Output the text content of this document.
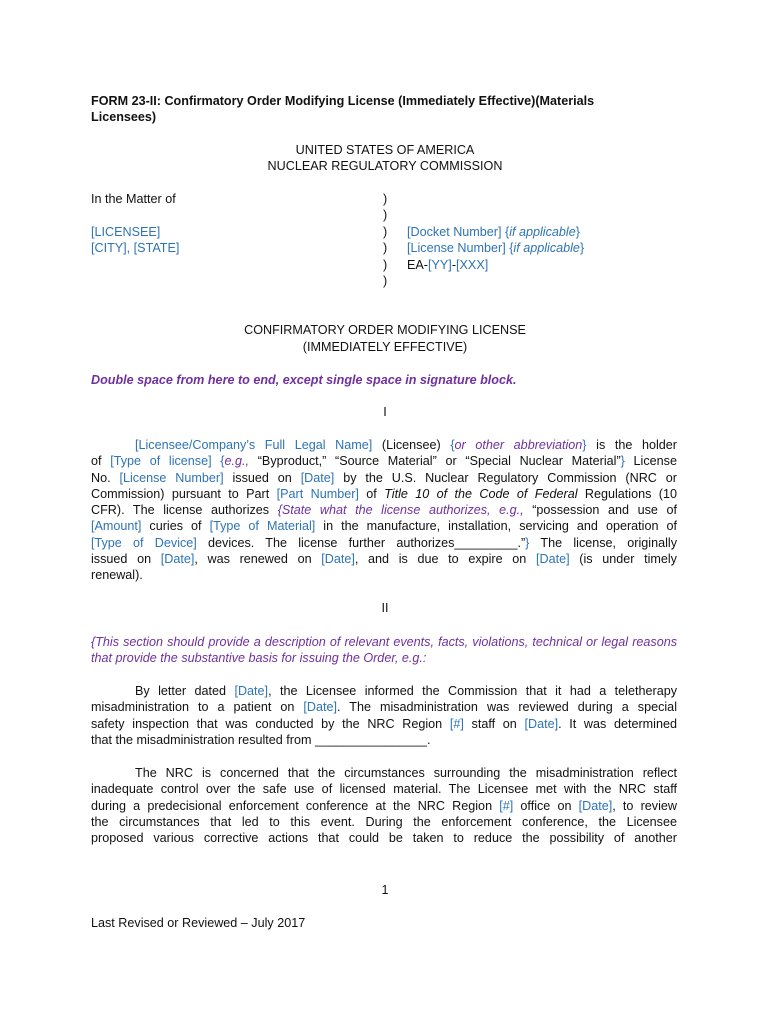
FORM 23-II: Confirmatory Order Modifying License (Immediately Effective)(Materials
Licensees)
UNITED STATES OF AMERICA
NUCLEAR REGULATORY COMMISSION
In the Matter of
[LICENSEE]
[CITY], [STATE]
)
)
)
)
)
)
[Docket Number] {if applicable}
[License Number] {if applicable}
EA-[YY]-[XXX]
CONFIRMATORY ORDER MODIFYING LICENSE
(IMMEDIATELY EFFECTIVE)
Double space from here to end, except single space in signature block.
I
[Licensee/Company’s Full Legal Name] (Licensee) {or other abbreviation} is the holder
of [Type of license] {e.g., “Byproduct,” “Source Material” or “Special Nuclear Material”} License
No. [License Number] issued on [Date] by the U.S. Nuclear Regulatory Commission (NRC or
Commission) pursuant to Part [Part Number] of Title 10 of the Code of Federal Regulations (10
CFR). The license authorizes {State what the license authorizes, e.g., “possession and use of
[Amount] curies of [Type of Material] in the manufacture, installation, servicing and operation of
[Type of Device] devices. The license further authorizes_________.”} The license, originally
issued on [Date], was renewed on [Date], and is due to expire on [Date] (is under timely
renewal).
II
{This section should provide a description of relevant events, facts, violations, technical or legal reasons that provide the substantive basis for issuing the Order, e.g.:
By letter dated [Date], the Licensee informed the Commission that it had a teletherapy
misadministration to a patient on [Date]. The misadministration was reviewed during a special
safety inspection that was conducted by the NRC Region [#] staff on [Date]. It was determined
that the misadministration resulted from ________________.
The NRC is concerned that the circumstances surrounding the misadministration reflect
inadequate control over the safe use of licensed material. The Licensee met with the NRC staff
during a predecisional enforcement conference at the NRC Region [#] office on [Date], to review
the circumstances that led to this event. During the enforcement conference, the Licensee
proposed various corrective actions that could be taken to reduce the possibility of another
1
Last Revised or Reviewed – July 2017
